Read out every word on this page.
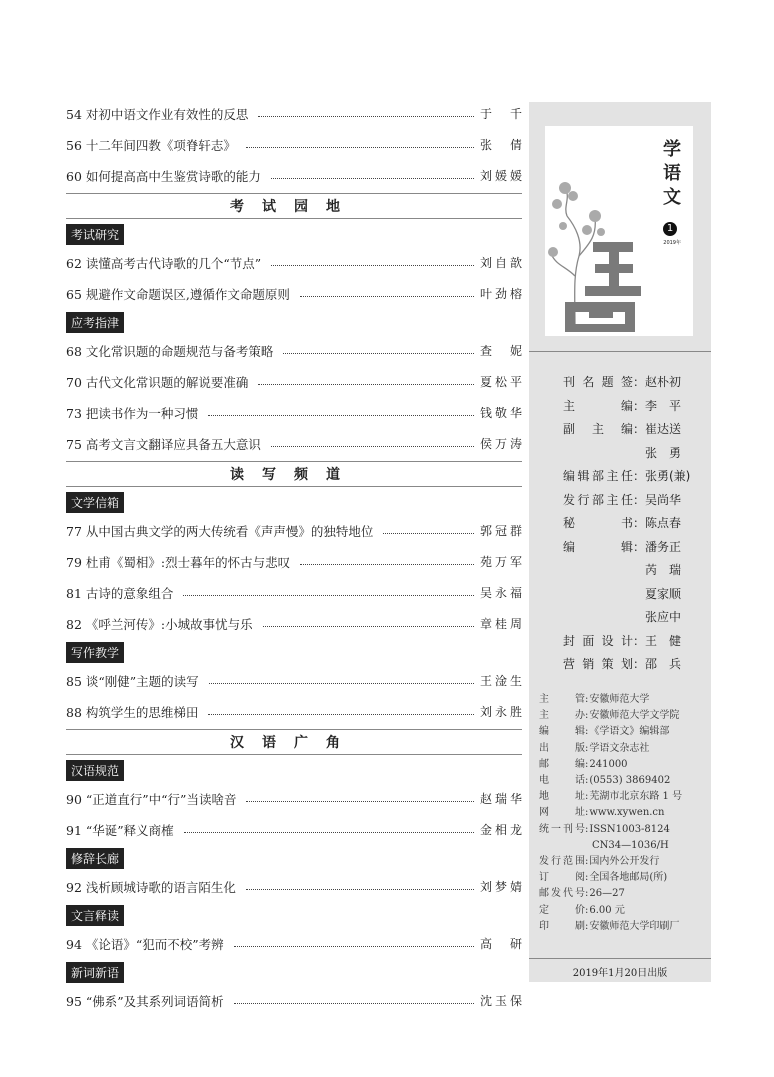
54 对初中语文作业有效性的反思	于　千
56 十二年间四教《项脊轩志》	张　倩
60 如何提高高中生鉴赏诗歌的能力	刘媛媛
考试园地
考试研究
62 读懂高考古代诗歌的几个“节点”	刘自歆
65 规避作文命题误区,遵循作文命题原则	叶劲榕
应考指津
68 文化常识题的命题规范与备考策略	查　妮
70 古代文化常识题的解说要准确	夏松平
73 把读书作为一种习惯	钱敬华
75 高考文言文翻译应具备五大意识	侯万涛
读写频道
文学信箱
77 从中国古典文学的两大传统看《声声慢》的独特地位	郭冠群
79 杜甫《蜀相》:烈士暮年的怀古与悲叹	苑万军
81 古诗的意象组合	吴永福
82 《呼兰河传》:小城故事忧与乐	章桂周
写作教学
85 谈“刚健”主题的读写	王淦生
88 构筑学生的思维梯田	刘永胜
汉语广角
汉语规范
90 “正道直行”中“行”当读啥音	赵瑞华
91 “华诞”释义商榷	金相龙
修辞长廊
92 浅析顾城诗歌的语言陌生化	刘梦婧
文言释读
94 《论语》“犯而不校”考辨	高　研
新词新语
95 “佛系”及其系列词语简析	沈玉保
学
语
文
1
2019年
刊名题签 ： 赵朴初
主　　编 ： 李　平
副 主 编 ： 崔达送
张　勇
编辑部主任 ： 张勇(兼)
发行部主任 ： 吴尚华
秘　　书 ： 陈点春
编　　辑 ： 潘务正
芮　瑞
夏家顺
张应中
封面设计 ： 王　健
营销策划 ： 邵　兵
主　　管 : 安徽师范大学
主　　办 : 安徽师范大学文学院
编　　辑 : 《学语文》编辑部
出　　版 : 学语文杂志社
邮　　编 : 241000
电　　话 : (0553) 3869402
地　　址 : 芜湖市北京东路 1 号
网　　址 : www.xywen.cn
统一刊号 : ISSN1003-8124
CN34—1036/H
发行范围 : 国内外公开发行
订　　阅 : 全国各地邮局(所)
邮发代号 : 26—27
定　　价 : 6.00 元
印　　刷 : 安徽师范大学印刷厂
2019年1月20日出版
